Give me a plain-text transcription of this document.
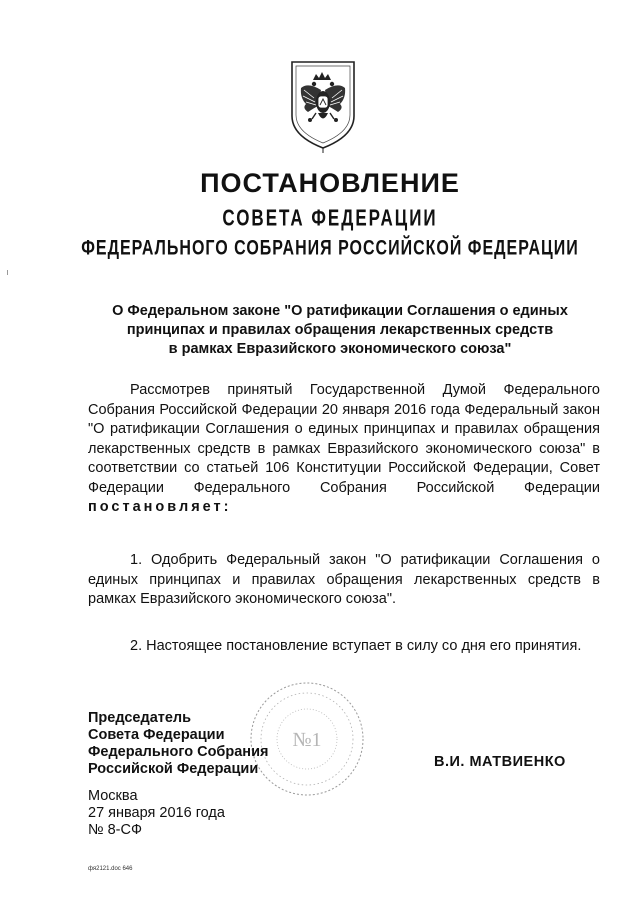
ПОСТАНОВЛЕНИЕ
СОВЕТА ФЕДЕРАЦИИ
ФЕДЕРАЛЬНОГО СОБРАНИЯ РОССИЙСКОЙ ФЕДЕРАЦИИ
О Федеральном законе "О ратификации Соглашения о единых
принципах и правилах обращения лекарственных средств
в рамках Евразийского экономического союза"
Рассмотрев принятый Государственной Думой Федерального Собрания Российской Федерации 20 января 2016 года Федеральный закон "О ратификации Соглашения о единых принципах и правилах обращения лекарственных средств в рамках Евразийского экономического союза" в соответствии со статьей 106 Конституции Российской Федерации, Совет Федерации Федерального Собрания Российской Федерации постановляет:
1. Одобрить Федеральный закон "О ратификации Соглашения о единых принципах и правилах обращения лекарственных средств в рамках Евразийского экономического союза".
2. Настоящее постановление вступает в силу со дня его принятия.
№1
Председатель
Совета Федерации
Федерального Собрания
Российской Федерации	В.И. МАТВИЕНКО
Москва
27 января 2016 года
№ 8-СФ
фя2121.doc 646
